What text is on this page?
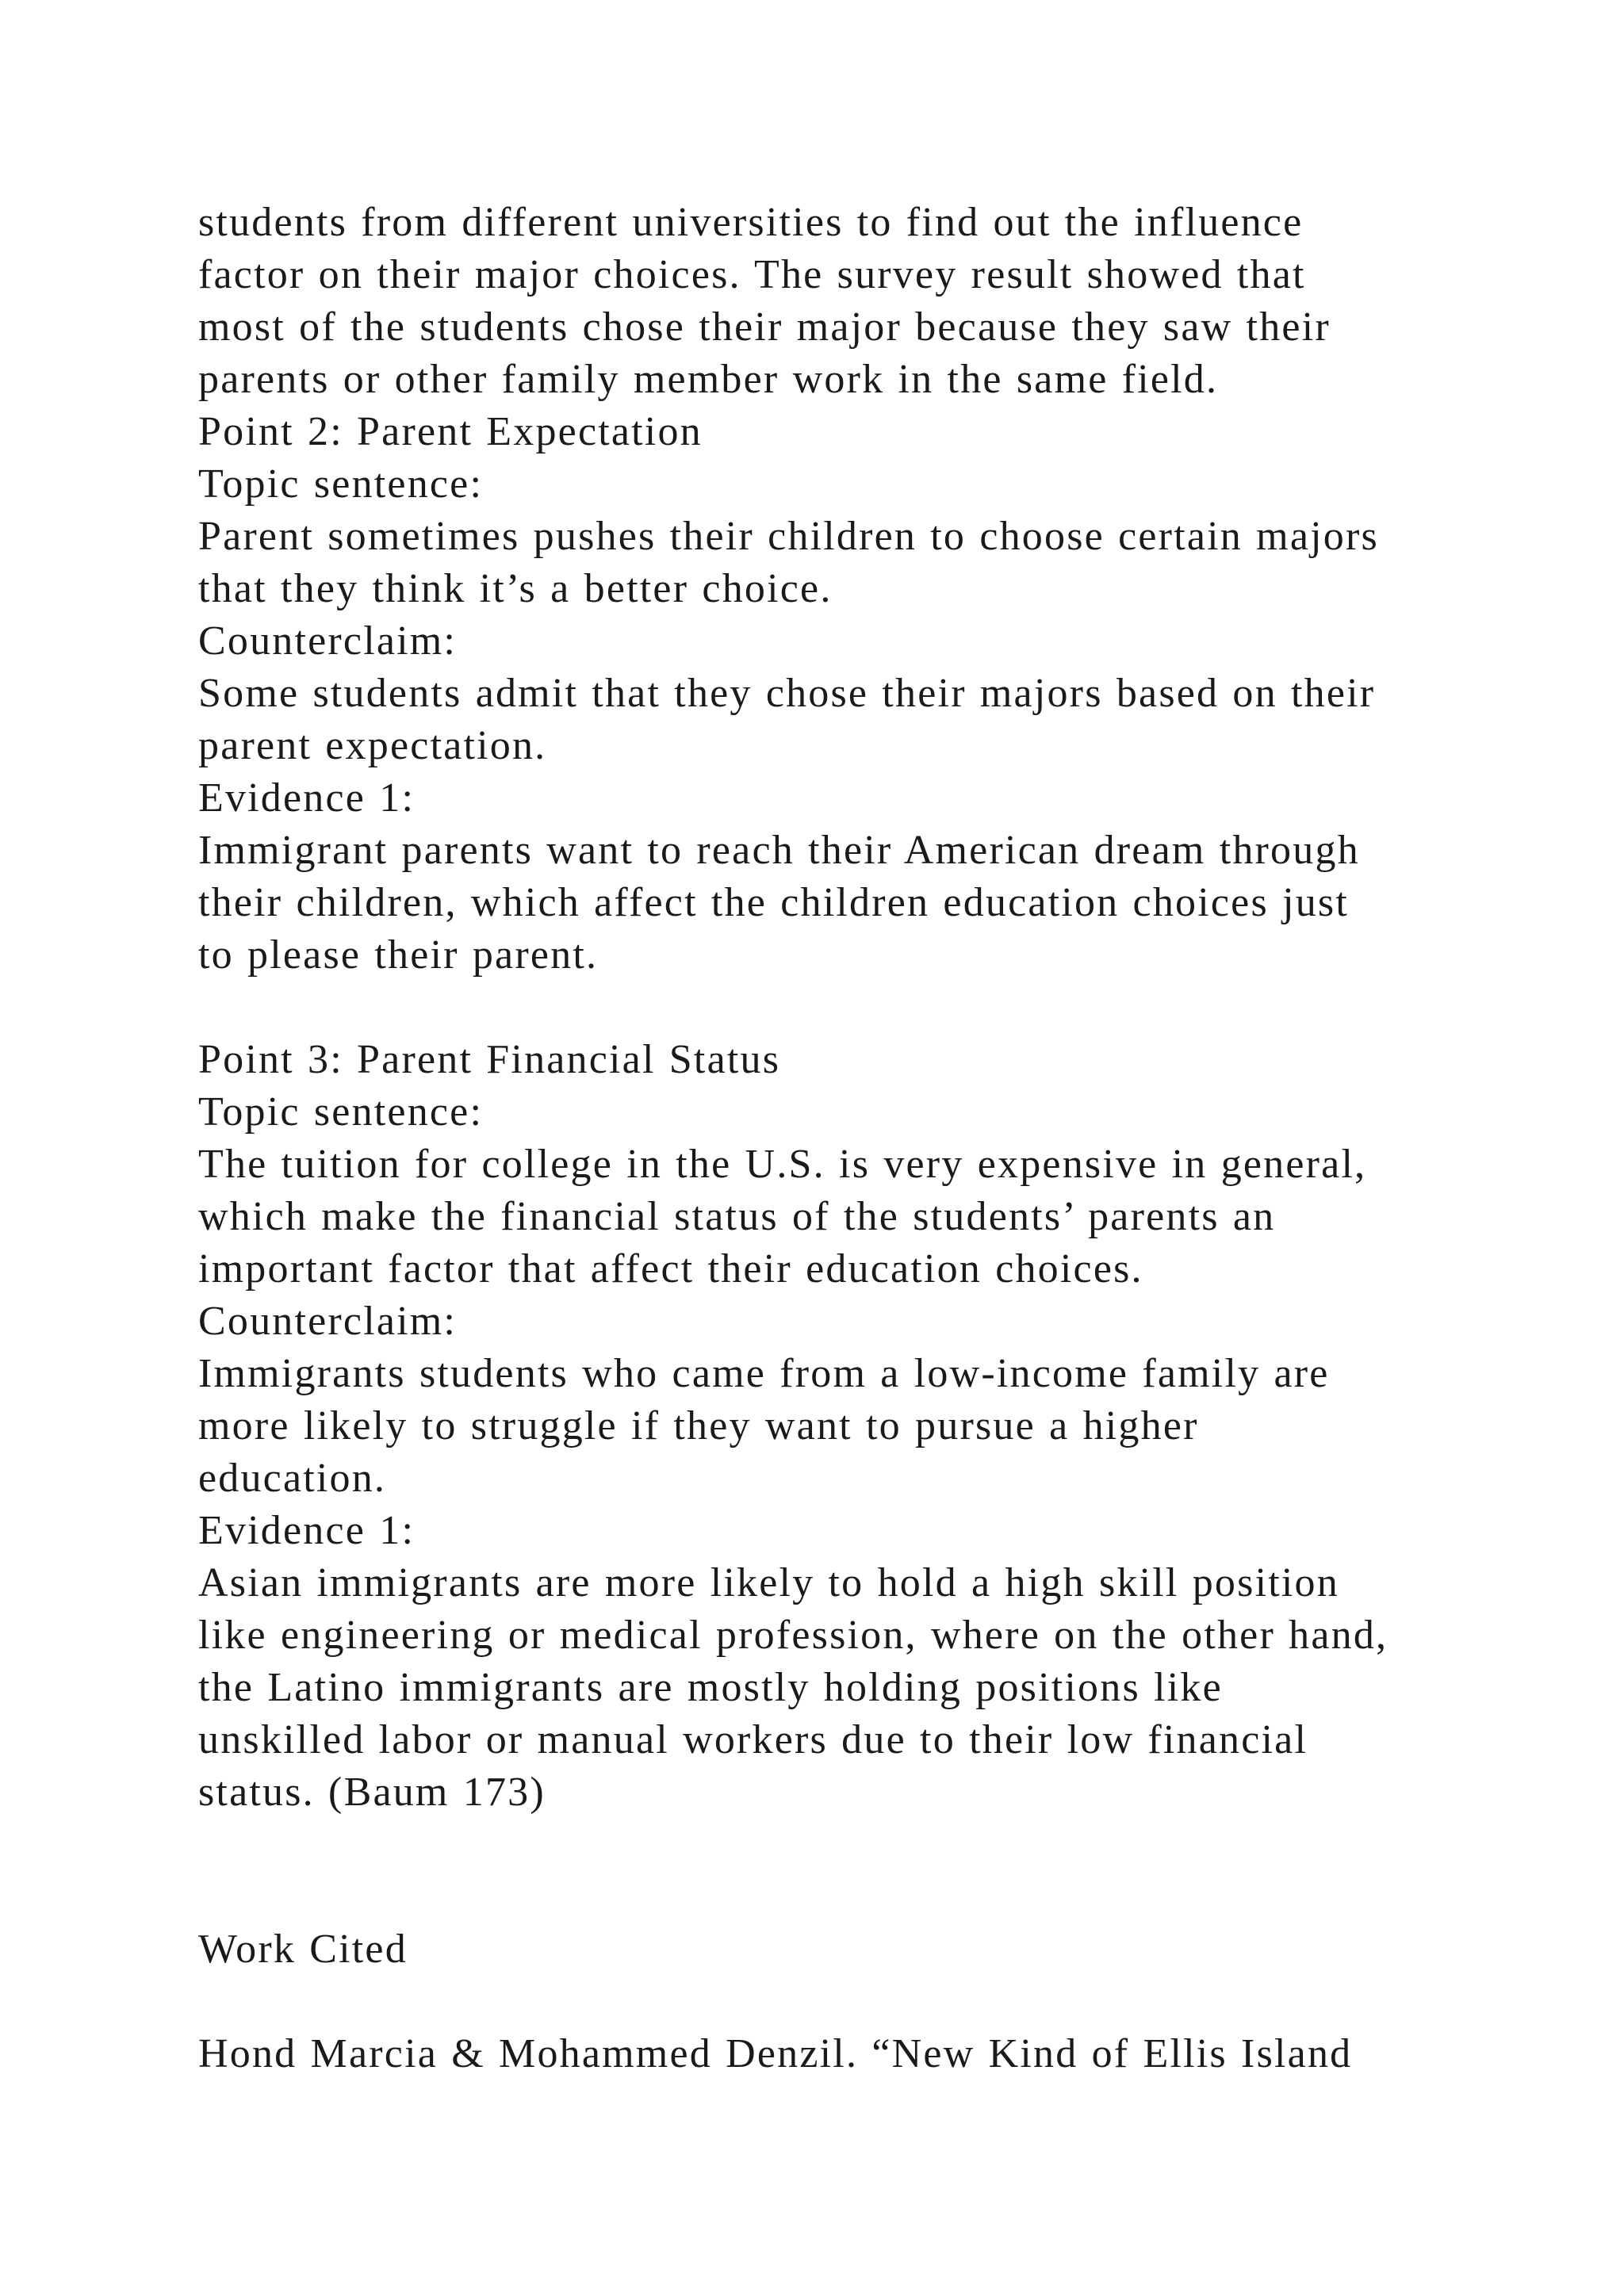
students from different universities to find out the influence
factor on their major choices. The survey result showed that
most of the students chose their major because they saw their
parents or other family member work in the same field.
Point 2: Parent Expectation
Topic sentence:
Parent sometimes pushes their children to choose certain majors
that they think it’s a better choice.
Counterclaim:
Some students admit that they chose their majors based on their
parent expectation.
Evidence 1:
Immigrant parents want to reach their American dream through
their children, which affect the children education choices just
to please their parent.
Point 3: Parent Financial Status
Topic sentence:
The tuition for college in the U.S. is very expensive in general,
which make the financial status of the students’ parents an
important factor that affect their education choices.
Counterclaim:
Immigrants students who came from a low-income family are
more likely to struggle if they want to pursue a higher
education.
Evidence 1:
Asian immigrants are more likely to hold a high skill position
like engineering or medical profession, where on the other hand,
the Latino immigrants are mostly holding positions like
unskilled labor or manual workers due to their low financial
status. (Baum 173)
Work Cited
Hond Marcia & Mohammed Denzil. “New Kind of Ellis Island
